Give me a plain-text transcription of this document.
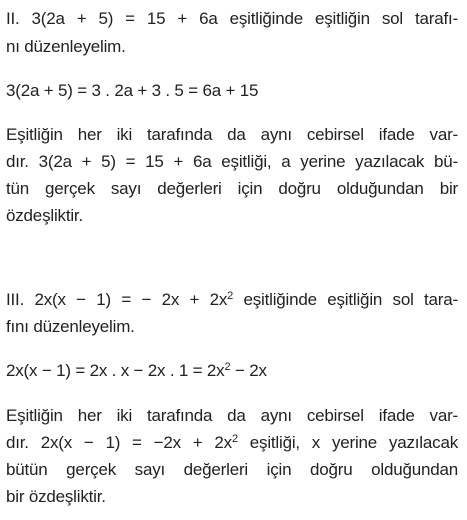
II. 3(2a + 5) = 15 + 6a eşitliğinde eşitliğin sol tarafı-
nı düzenleyelim.
3(2a + 5) = 3 . 2a + 3 . 5 = 6a + 15
Eşitliğin her iki tarafında da aynı cebirsel ifade var-
dır. 3(2a + 5) = 15 + 6a eşitliği, a yerine yazılacak bü-
tün gerçek sayı değerleri için doğru olduğundan bir
özdeşliktir.
III. 2x(x − 1) = − $2x + 2x^2$ eşitliğinde eşitliğin sol tara-
fını düzenleyelim.
2x(x − 1) = 2x . x − 2x . $1 = 2x^2 - 2x$
Eşitliğin her iki tarafında da aynı cebirsel ifade var-
dır. $2x(x - 1) = -2x + 2x^2$ eşitliği, x yerine yazılacak
bütün gerçek sayı değerleri için doğru olduğundan
bir özdeşliktir.
